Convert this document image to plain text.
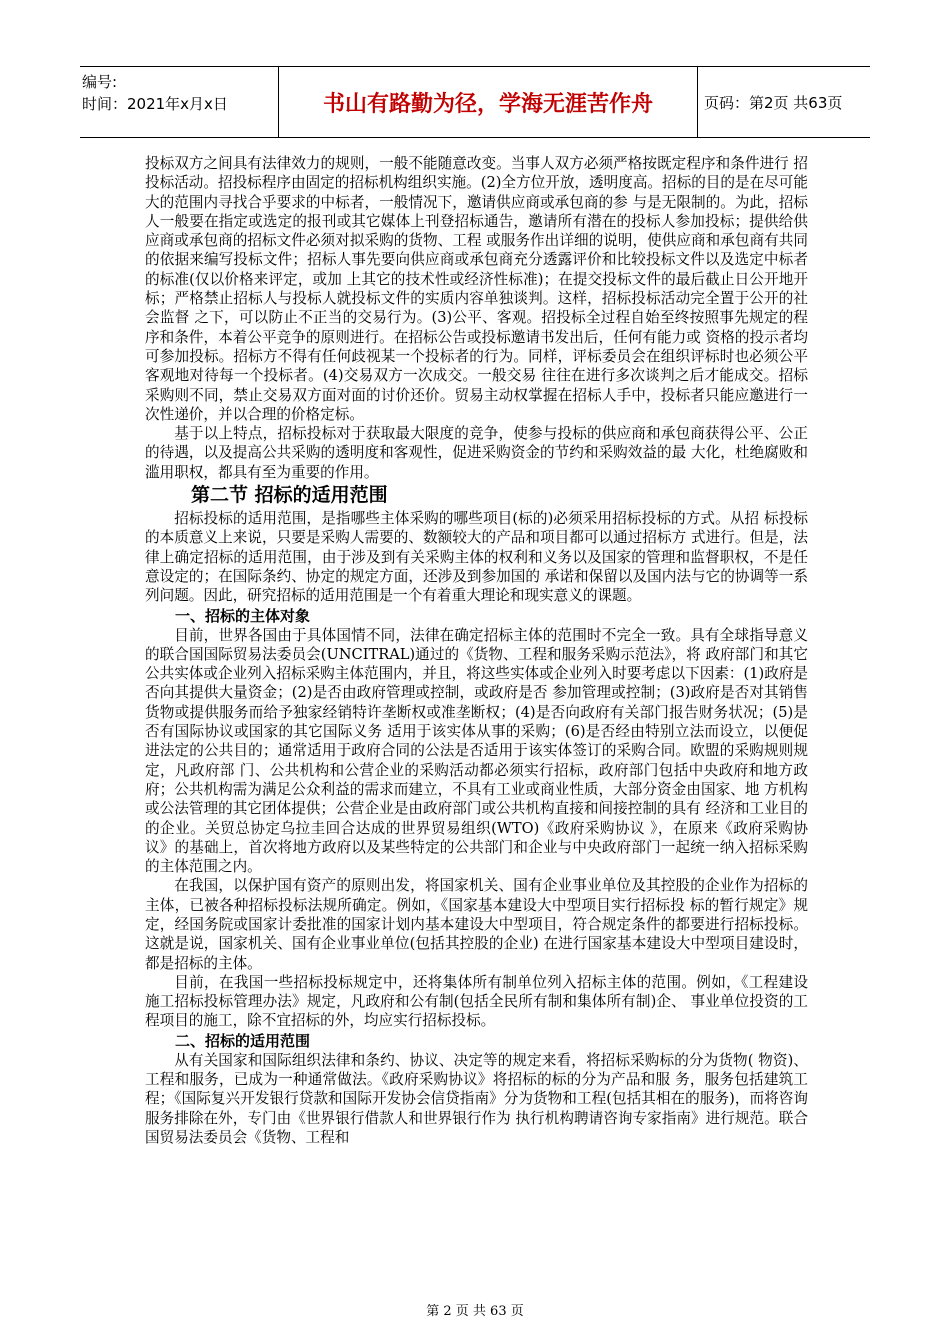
编号:
时间：2021年x月x日	书山有路勤为径，学海无涯苦作舟	页码：第2页 共63页

投标双方之间具有法律效力的规则，一般不能随意改变。当事人双方必须严格按既定程序和条件进行 招投标活动。招投标程序由固定的招标机构组织实施。(2)全方位开放，透明度高。招标的目的是在尽可能大的范围内寻找合乎要求的中标者，一般情况下，邀请供应商或承包商的参 与是无限制的。为此，招标人一般要在指定或选定的报刊或其它媒体上刊登招标通告，邀请所有潜在的投标人参加投标；提供给供应商或承包商的招标文件必须对拟采购的货物、工程 或服务作出详细的说明，使供应商和承包商有共同的依据来编写投标文件；招标人事先要向供应商或承包商充分透露评价和比较投标文件以及选定中标者的标准(仅以价格来评定，或加 上其它的技术性或经济性标准)；在提交投标文件的最后截止日公开地开标；严格禁止招标人与投标人就投标文件的实质内容单独谈判。这样，招标投标活动完全置于公开的社会监督 之下，可以防止不正当的交易行为。(3)公平、客观。招投标全过程自始至终按照事先规定的程序和条件，本着公平竞争的原则进行。在招标公告或投标邀请书发出后，任何有能力或 资格的投示者均可参加投标。招标方不得有任何歧视某一个投标者的行为。同样，评标委员会在组织评标时也必须公平客观地对待每一个投标者。(4)交易双方一次成交。一般交易 往往在进行多次谈判之后才能成交。招标采购则不同，禁止交易双方面对面的讨价还价。贸易主动权掌握在招标人手中，投标者只能应邀进行一次性递价，并以合理的价格定标。

基于以上特点，招标投标对于获取最大限度的竞争，使参与投标的供应商和承包商获得公平、公正的待遇，以及提高公共采购的透明度和客观性，促进采购资金的节约和采购效益的最 大化，杜绝腐败和滥用职权，都具有至为重要的作用。

第二节 招标的适用范围

招标投标的适用范围，是指哪些主体采购的哪些项目(标的)必须采用招标投标的方式。从招 标投标的本质意义上来说，只要是采购人需要的、数额较大的产品和项目都可以通过招标方 式进行。但是，法律上确定招标的适用范围，由于涉及到有关采购主体的权利和义务以及国家的管理和监督职权，不是任意设定的；在国际条约、协定的规定方面，还涉及到参加国的 承诺和保留以及国内法与它的协调等一系列问题。因此，研究招标的适用范围是一个有着重大理论和现实意义的课题。

一、招标的主体对象

目前，世界各国由于具体国情不同，法律在确定招标主体的范围时不完全一致。具有全球指导意义的联合国国际贸易法委员会(UNCITRAL)通过的《货物、工程和服务采购示范法》，将 政府部门和其它公共实体或企业列入招标采购主体范围内，并且，将这些实体或企业列入时要考虑以下因素：(1)政府是否向其提供大量资金；(2)是否由政府管理或控制，或政府是否 参加管理或控制；(3)政府是否对其销售货物或提供服务而给予独家经销特许垄断权或准垄断权；(4)是否向政府有关部门报告财务状况；(5)是否有国际协议或国家的其它国际义务 适用于该实体从事的采购；(6)是否经由特别立法而设立，以便促进法定的公共目的；通常适用于政府合同的公法是否适用于该实体签订的采购合同。欧盟的采购规则规定，凡政府部 门、公共机构和公营企业的采购活动都必须实行招标，政府部门包括中央政府和地方政府；公共机构需为满足公众利益的需求而建立，不具有工业或商业性质，大部分资金由国家、地 方机构或公法管理的其它团体提供；公营企业是由政府部门或公共机构直接和间接控制的具有 经济和工业目的的企业。关贸总协定乌拉圭回合达成的世界贸易组织(WTO)《政府采购协议 》，在原来《政府采购协议》的基础上，首次将地方政府以及某些特定的公共部门和企业与中央政府部门一起统一纳入招标采购的主体范围之内。

在我国，以保护国有资产的原则出发，将国家机关、国有企业事业单位及其控股的企业作为招标的主体，已被各种招标投标法规所确定。例如，《国家基本建设大中型项目实行招标投 标的暂行规定》规定，经国务院或国家计委批准的国家计划内基本建设大中型项目，符合规定条件的都要进行招标投标。这就是说，国家机关、国有企业事业单位(包括其控股的企业) 在进行国家基本建设大中型项目建设时，都是招标的主体。

目前，在我国一些招标投标规定中，还将集体所有制单位列入招标主体的范围。例如，《工程建设施工招标投标管理办法》规定，凡政府和公有制(包括全民所有制和集体所有制)企、 事业单位投资的工程项目的施工，除不宜招标的外，均应实行招标投标。

二、招标的适用范围

从有关国家和国际组织法律和条约、协议、决定等的规定来看，将招标采购标的分为货物( 物资)、工程和服务，已成为一种通常做法。《政府采购协议》将招标的标的分为产品和服 务，服务包括建筑工程；《国际复兴开发银行贷款和国际开发协会信贷指南》分为货物和工程(包括其相在的服务)，而将咨询服务排除在外，专门由《世界银行借款人和世界银行作为 执行机构聘请咨询专家指南》进行规范。联合国贸易法委员会《货物、工程和

第 2 页 共 63 页
